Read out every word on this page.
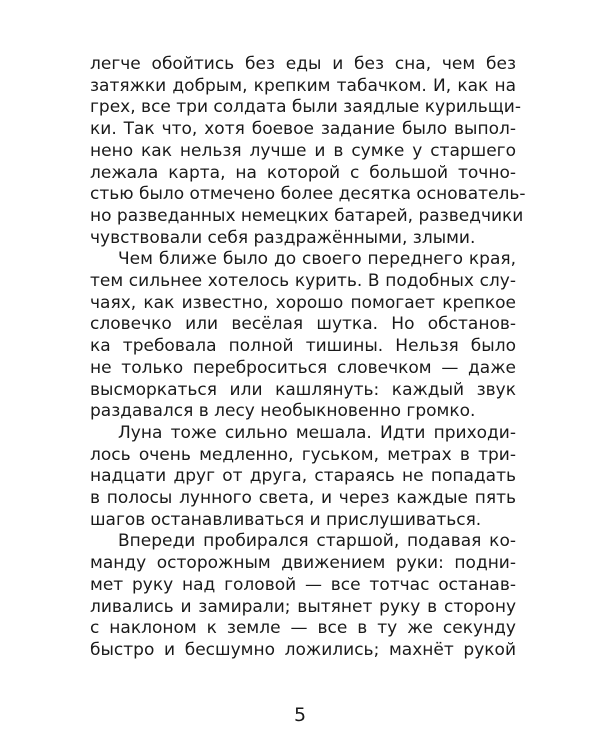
легче обойтись без еды и без сна, чем без
затяжки добрым, крепким табачком. И, как на
грех, все три солдата были заядлые курильщи-
ки. Так что, хотя боевое задание было выпол-
нено как нельзя лучше и в сумке у старшего
лежала карта, на которой с большой точно-
стью было отмечено более десятка основатель-
но разведанных немецких батарей, разведчики
чувствовали себя раздражёнными, злыми.
Чем ближе было до своего переднего края,
тем сильнее хотелось курить. В подобных слу-
чаях, как известно, хорошо помогает крепкое
словечко или весёлая шутка. Но обстанов-
ка требовала полной тишины. Нельзя было
не только переброситься словечком — даже
высморкаться или кашлянуть: каждый звук
раздавался в лесу необыкновенно громко.
Луна тоже сильно мешала. Идти приходи-
лось очень медленно, гуськом, метрах в три-
надцати друг от друга, стараясь не попадать
в полосы лунного света, и через каждые пять
шагов останавливаться и прислушиваться.
Впереди пробирался старшой, подавая ко-
манду осторожным движением руки: подни-
мет руку над головой — все тотчас останав-
ливались и замирали; вытянет руку в сторону
с наклоном к земле — все в ту же секунду
быстро и бесшумно ложились; махнёт рукой
5
